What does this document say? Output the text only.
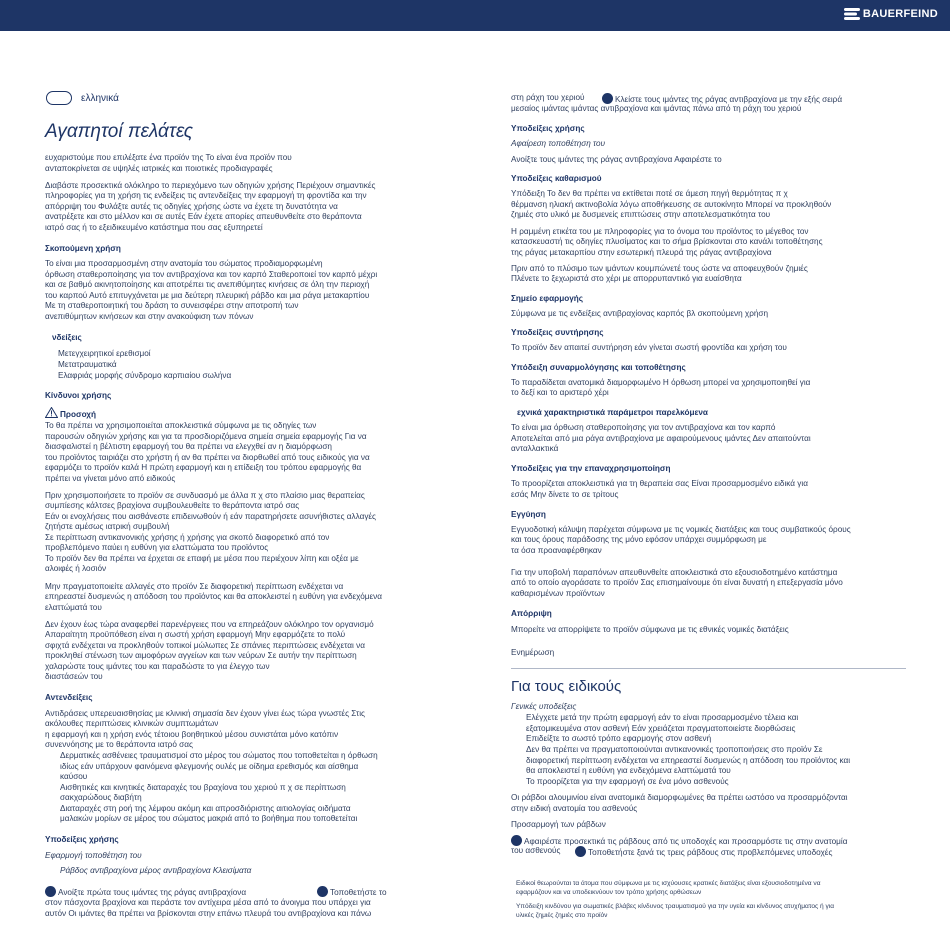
BAUERFEIND
ελληνικά
Αγαπητοί πελάτες
ευχαριστούμε που επιλέξατε ένα προϊόν της Το είναι ένα προϊόν που
ανταποκρίνεται σε υψηλές ιατρικές και ποιοτικές προδιαγραφές
Διαβάστε προσεκτικά ολόκληρο το περιεχόμενο των οδηγιών χρήσης Περιέχουν σημαντικές
πληροφορίες για τη χρήση τις ενδείξεις τις αντενδείξεις την εφαρμογή τη φροντίδα και την
απόρριψη του Φυλάξτε αυτές τις οδηγίες χρήσης ώστε να έχετε τη δυνατότητα να
ανατρέξετε και στο μέλλον και σε αυτές Εάν έχετε απορίες απευθυνθείτε στο θεράποντα
ιατρό σας ή το εξειδικευμένο κατάστημα που σας εξυπηρετεί
Σκοπούμενη χρήση
Το είναι μια προσαρμοσμένη στην ανατομία του σώματος προδιαμορφωμένη
όρθωση σταθεροποίησης για τον αντιβραχίονα και τον καρπό Σταθεροποιεί τον καρπό μέχρι
και σε βαθμό ακινητοποίησης και αποτρέπει τις ανεπιθύμητες κινήσεις σε όλη την περιοχή
του καρπού Αυτό επιτυγχάνεται με μια δεύτερη πλευρική ράβδο και μια ράγα μετακαρπίου
Με τη σταθεροποιητική του δράση το συνεισφέρει στην αποτροπή των
ανεπιθύμητων κινήσεων και στην ανακούφιση των πόνων
νδείξεις
Μετεγχειρητικοί ερεθισμοί
Μετατραυματικά
Ελαφριάς μορφής σύνδρομο καρπιαίου σωλήνα
Κίνδυνοι χρήσης
Προσοχή
Το θα πρέπει να χρησιμοποιείται αποκλειστικά σύμφωνα με τις οδηγίες των
παρουσών οδηγιών χρήσης και για τα προσδιοριζόμενα σημεία σημεία εφαρμογής Για να
διασφαλιστεί η βέλτιστη εφαρμογή του θα πρέπει να ελεγχθεί αν η διαμόρφωση
του προϊόντος ταιριάζει στο χρήστη ή αν θα πρέπει να διορθωθεί από τους ειδικούς για να
εφαρμόζει το προϊόν καλά Η πρώτη εφαρμογή και η επίδειξη του τρόπου εφαρμογής θα
πρέπει να γίνεται μόνο από ειδικούς
Πριν χρησιμοποιήσετε το προϊόν σε συνδυασμό με άλλα π χ στο πλαίσιο μιας θεραπείας
συμπίεσης κάλτσες βραχίονα συμβουλευθείτε το θεράποντα ιατρό σας
Εάν οι ενοχλήσεις που αισθάνεστε επιδεινωθούν ή εάν παρατηρήσετε ασυνήθιστες αλλαγές
ζητήστε αμέσως ιατρική συμβουλή
Σε περίπτωση αντικανονικής χρήσης ή χρήσης για σκοπό διαφορετικό από τον
προβλεπόμενο παύει η ευθύνη για ελαττώματα του προϊόντος
Το προϊόν δεν θα πρέπει να έρχεται σε επαφή με μέσα που περιέχουν λίπη και οξέα με
αλοιφές ή λοσιόν
Μην πραγματοποιείτε αλλαγές στο προϊόν Σε διαφορετική περίπτωση ενδέχεται να
επηρεαστεί δυσμενώς η απόδοση του προϊόντος και θα αποκλειστεί η ευθύνη για ενδεχόμενα
ελαττώματά του
Δεν έχουν έως τώρα αναφερθεί παρενέργειες που να επηρεάζουν ολόκληρο τον οργανισμό
Απαραίτητη προϋπόθεση είναι η σωστή χρήση εφαρμογή Μην εφαρμόζετε το πολύ
σφιχτά ενδέχεται να προκληθούν τοπικοί μώλωπες Σε σπάνιες περιπτώσεις ενδέχεται να
προκληθεί στένωση των αιμοφόρων αγγείων και των νεύρων Σε αυτήν την περίπτωση
χαλαρώστε τους ιμάντες του και παραδώστε το για έλεγχο των
διαστάσεών του
Αντενδείξεις
Αντιδράσεις υπερευαισθησίας με κλινική σημασία δεν έχουν γίνει έως τώρα γνωστές Στις
ακόλουθες περιπτώσεις κλινικών συμπτωμάτων
η εφαρμογή και η χρήση ενός τέτοιου βοηθητικού μέσου συνιστάται μόνο κατόπιν
συνεννόησης με το θεράποντα ιατρό σας
Δερματικές ασθένειες τραυματισμοί στο μέρος του σώματος που τοποθετείται η όρθωση
ιδίως εάν υπάρχουν φαινόμενα φλεγμονής ουλές με οίδημα ερεθισμός και αίσθημα
καύσου
Αισθητικές και κινητικές διαταραχές του βραχίονα του χεριού π χ σε περίπτωση
σακχαρώδους διαβήτη
Διαταραχές στη ροή της λέμφου ακόμη και απροσδιόριστης αιτιολογίας οιδήματα
μαλακών μορίων σε μέρος του σώματος μακριά από το βοήθημα που τοποθετείται
Υποδείξεις χρήσης
Εφαρμογή τοποθέτηση του
Ράβδος αντιβραχίονα μέρος αντιβραχίονα Κλεισίματα
Ανοίξτε πρώτα τους ιμάντες της ράγας αντιβραχίονα	Τοποθετήστε το
στον πάσχοντα βραχίονα και περάστε τον αντίχειρα μέσα από το άνοιγμα που υπάρχει για
αυτόν Οι ιμάντες θα πρέπει να βρίσκονται στην επάνω πλευρά του αντιβραχίονα και πάνω
στη ράχη του χεριού	Κλείστε τους ιμάντες της ράγας αντιβραχίονα με την εξής σειρά
μεσαίος ιμάντας ιμάντας αντιβραχίονα και ιμάντας πάνω από τη ράχη του χεριού
Υποδείξεις χρήσης
Αφαίρεση τοποθέτηση του
Ανοίξτε τους ιμάντες της ράγας αντιβραχίονα Αφαιρέστε το
Υποδείξεις καθαρισμού
Υπόδειξη Το δεν θα πρέπει να εκτίθεται ποτέ σε άμεση πηγή θερμότητας π χ
θέρμανση ηλιακή ακτινοβολία λόγω αποθήκευσης σε αυτοκίνητο Μπορεί να προκληθούν
ζημιές στο υλικό με δυσμενείς επιπτώσεις στην αποτελεσματικότητα του
Η ραμμένη ετικέτα του με πληροφορίες για το όνομα του προϊόντος το μέγεθος τον
κατασκευαστή τις οδηγίες πλυσίματος και το σήμα βρίσκονται στο κανάλι τοποθέτησης
της ράγας μετακαρπίου στην εσωτερική πλευρά της ράγας αντιβραχίονα
Πριν από το πλύσιμο των ιμάντων κουμπώνετέ τους ώστε να αποφευχθούν ζημιές
Πλένετε το ξεχωριστά στο χέρι με απορρυπαντικό για ευαίσθητα
Σημείο εφαρμογής
Σύμφωνα με τις ενδείξεις αντιβραχίονας καρπός βλ σκοπούμενη χρήση
Υποδείξεις συντήρησης
Το προϊόν δεν απαιτεί συντήρηση εάν γίνεται σωστή φροντίδα και χρήση του
Υπόδειξη συναρμολόγησης και τοποθέτησης
Το παραδίδεται ανατομικά διαμορφωμένο Η όρθωση μπορεί να χρησιμοποιηθεί για
το δεξί και το αριστερό χέρι
εχνικά χαρακτηριστικά παράμετροι παρελκόμενα
Το είναι μια όρθωση σταθεροποίησης για τον αντιβραχίονα και τον καρπό
Αποτελείται από μια ράγα αντιβραχίονα με αφαιρούμενους ιμάντες Δεν απαιτούνται
ανταλλακτικά
Υποδείξεις για την επαναχρησιμοποίηση
Το προορίζεται αποκλειστικά για τη θεραπεία σας Είναι προσαρμοσμένο ειδικά για
εσάς Μην δίνετε το σε τρίτους
Εγγύηση
Εγγυοδοτική κάλυψη παρέχεται σύμφωνα με τις νομικές διατάξεις και τους συμβατικούς όρους
και τους όρους παράδοσης της μόνο εφόσον υπάρχει συμμόρφωση με
τα όσα προαναφέρθηκαν
Για την υποβολή παραπόνων απευθυνθείτε αποκλειστικά στο εξουσιοδοτημένο κατάστημα
από το οποίο αγοράσατε το προϊόν Σας επισημαίνουμε ότι είναι δυνατή η επεξεργασία μόνο
καθαρισμένων προϊόντων
Απόρριψη
Μπορείτε να απορρίψετε το προϊόν σύμφωνα με τις εθνικές νομικές διατάξεις
Ενημέρωση
Γενικές υποδείξεις
Ελέγχετε μετά την πρώτη εφαρμογή εάν το είναι προσαρμοσμένο τέλεια και
εξατομικευμένα στον ασθενή Εάν χρειάζεται πραγματοποιείστε διορθώσεις
Επιδείξτε το σωστό τρόπο εφαρμογής στον ασθενή
Δεν θα πρέπει να πραγματοποιούνται αντικανονικές τροποποιήσεις στο προϊόν Σε
διαφορετική περίπτωση ενδέχεται να επηρεαστεί δυσμενώς η απόδοση του προϊόντος και
θα αποκλειστεί η ευθύνη για ενδεχόμενα ελαττώματά του
Το προορίζεται για την εφαρμογή σε ένα μόνο ασθενούς
Οι ράβδοι αλουμινίου είναι ανατομικά διαμορφωμένες θα πρέπει ωστόσο να προσαρμόζονται
στην ειδική ανατομία του ασθενούς
Προσαρμογή των ράβδων
Αφαιρέστε προσεκτικά τις ράβδους από τις υποδοχές και προσαρμόστε τις στην ανατομία
του ασθενούς	Τοποθετήστε ξανά τις τρεις ράβδους στις προβλεπόμενες υποδοχές
Για τους ειδικούς
Ειδικοί θεωρούνται τα άτομα που σύμφωνα με τις ισχύουσες κρατικές διατάξεις είναι εξουσιοδοτημένα να
εφαρμόζουν και να υποδεικνύουν τον τρόπο χρήσης ορθώσεων
Υπόδειξη κινδύνου για σωματικές βλάβες κίνδυνος τραυματισμού για την υγεία και κίνδυνος ατυχήματος ή για
υλικές ζημιές ζημιές στο προϊόν
